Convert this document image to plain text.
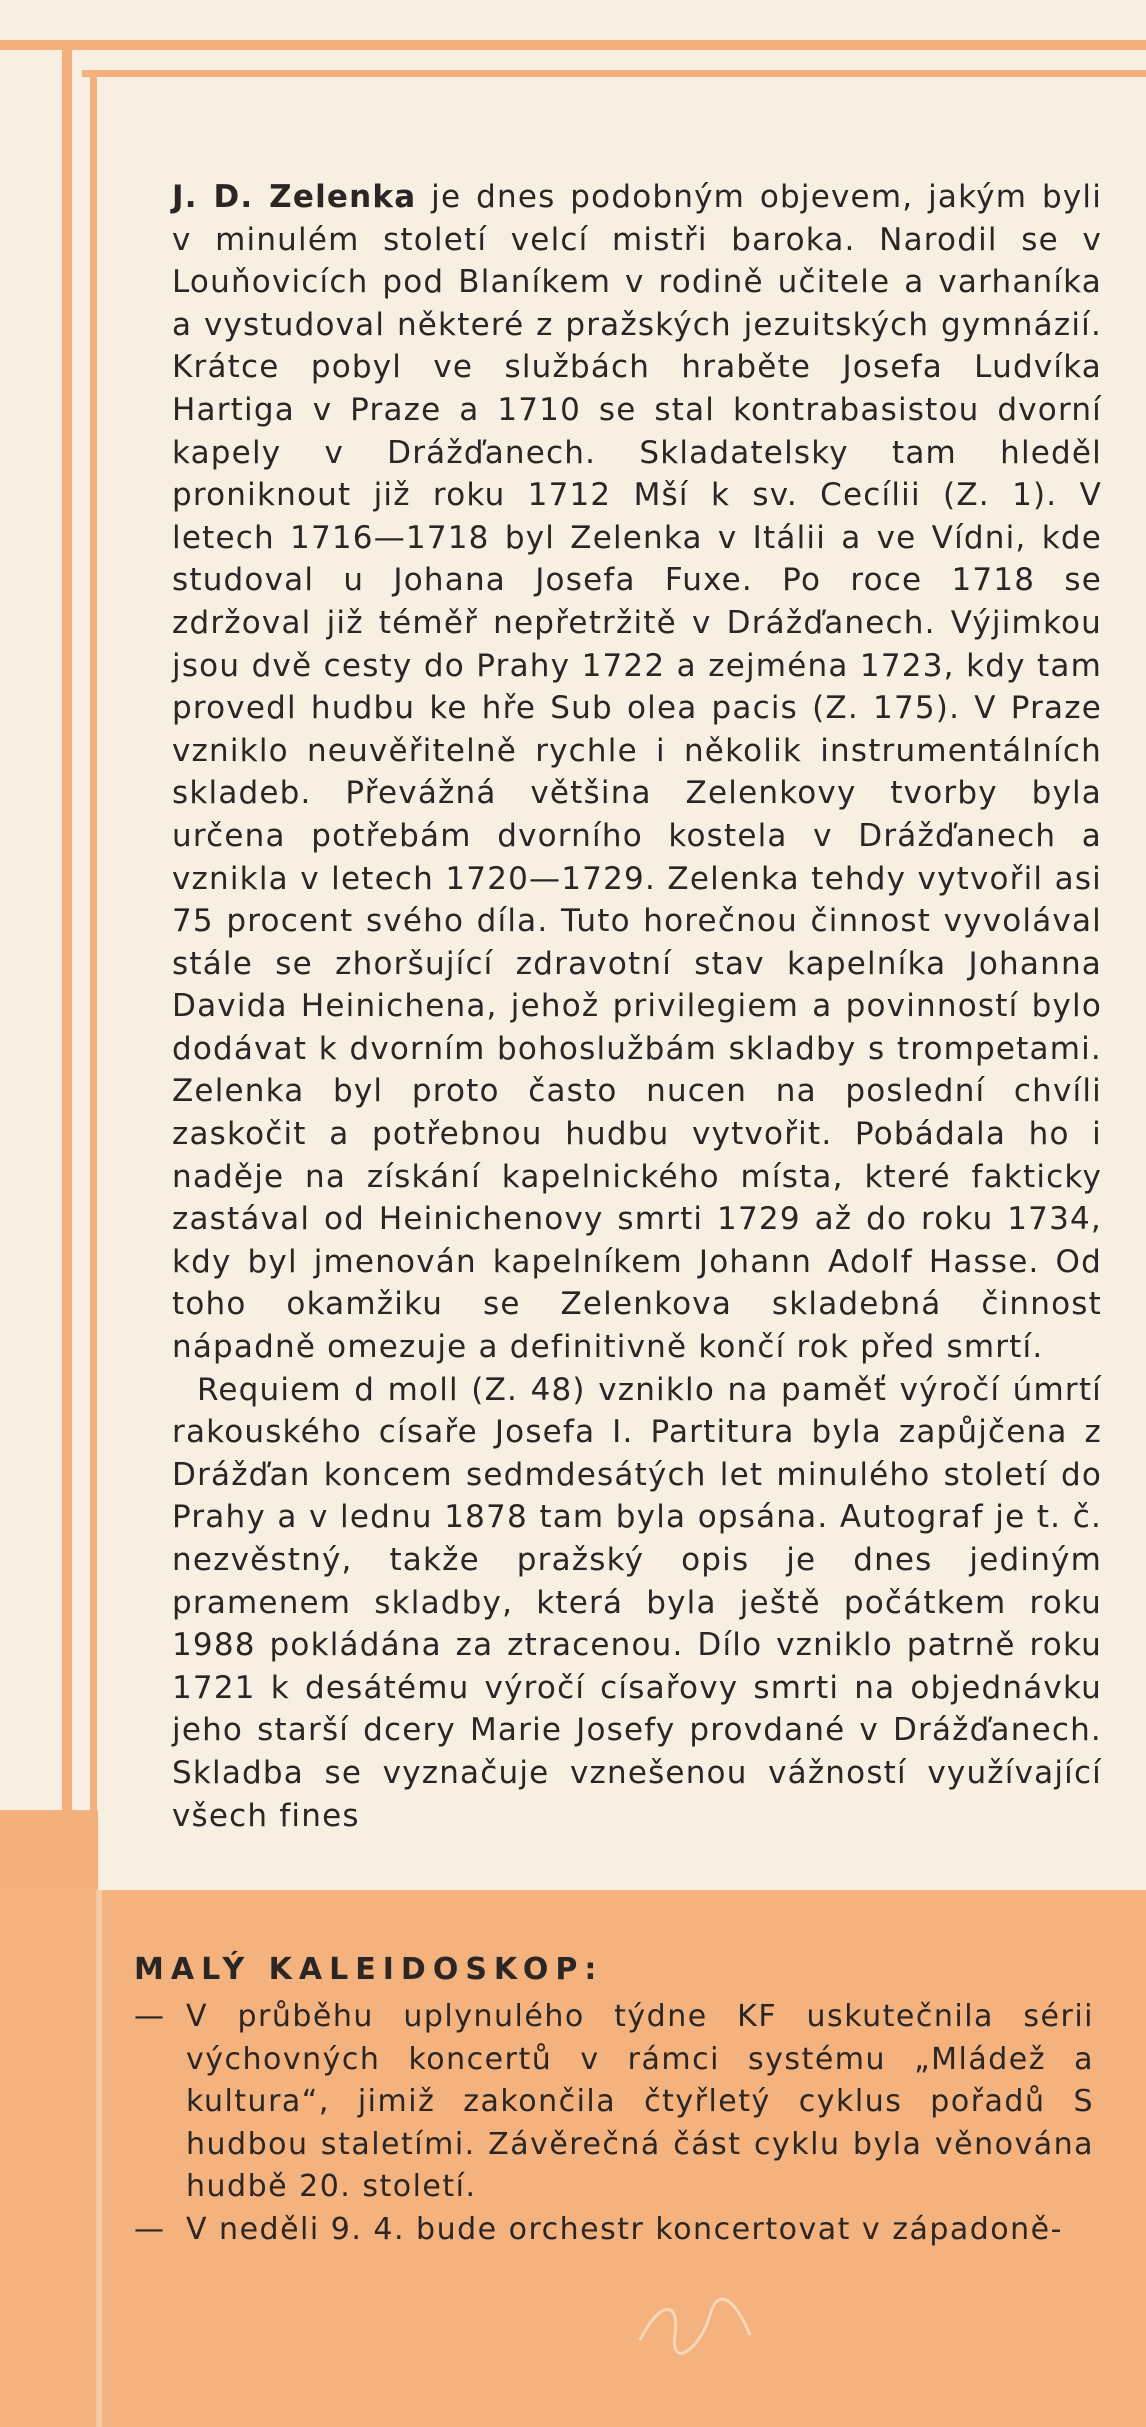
J. D. Zelenka je dnes podobným objevem, jakým byli v minulém století velcí mistři baroka. Narodil se v Louňovicích pod Blaníkem v rodině učitele a varhaníka a vystudoval některé z pražských jezuitských gymnázií. Krátce pobyl ve službách hraběte Josefa Ludvíka Hartiga v Praze a 1710 se stal kontrabasistou dvorní kapely v Drážďanech. Skladatelsky tam hleděl proniknout již roku 1712 Mší k sv. Cecílii (Z. 1). V letech 1716—1718 byl Zelenka v Itálii a ve Vídni, kde studoval u Johana Josefa Fuxe. Po roce 1718 se zdržoval již téměř nepřetržitě v Drážďanech. Výjimkou jsou dvě cesty do Prahy 1722 a zejména 1723, kdy tam provedl hudbu ke hře Sub olea pacis (Z. 175). V Praze vzniklo neuvěřitelně rychle i několik instrumentálních skladeb. Převážná většina Zelenkovy tvorby byla určena potřebám dvorního kostela v Drážďanech a vznikla v letech 1720—1729. Zelenka tehdy vytvořil asi 75 procent svého díla. Tuto horečnou činnost vyvolával stále se zhoršující zdravotní stav kapelníka Johanna Davida Heinichena, jehož privilegiem a povinností bylo dodávat k dvorním bohoslužbám skladby s trompetami. Zelenka byl proto často nucen na poslední chvíli zaskočit a potřebnou hudbu vytvořit. Pobádala ho i naděje na získání kapelnického místa, které fakticky zastával od Heinichenovy smrti 1729 až do roku 1734, kdy byl jmenován kapelníkem Johann Adolf Hasse. Od toho okamžiku se Zelenkova skladebná činnost nápadně omezuje a definitivně končí rok před smrtí.

Requiem d moll (Z. 48) vzniklo na paměť výročí úmrtí rakouského císaře Josefa I. Partitura byla zapůjčena z Drážďan koncem sedmdesátých let minulého století do Prahy a v lednu 1878 tam byla opsána. Autograf je t. č. nezvěstný, takže pražský opis je dnes jediným pramenem skladby, která byla ještě počátkem roku 1988 pokládána za ztracenou. Dílo vzniklo patrně roku 1721 k desátému výročí císařovy smrti na objednávku jeho starší dcery Marie Josefy provdané v Drážďanech. Skladba se vyznačuje vznešenou vážností využívající všech fines

MALÝ KALEIDOSKOP:
— V průběhu uplynulého týdne KF uskutečnila sérii výchovných koncertů v rámci systému „Mládež a kultura“, jimiž zakončila čtyřletý cyklus pořadů S hudbou staletími. Závěrečná část cyklu byla věnována hudbě 20. století.
— V neděli 9. 4. bude orchestr koncertovat v západoně-
